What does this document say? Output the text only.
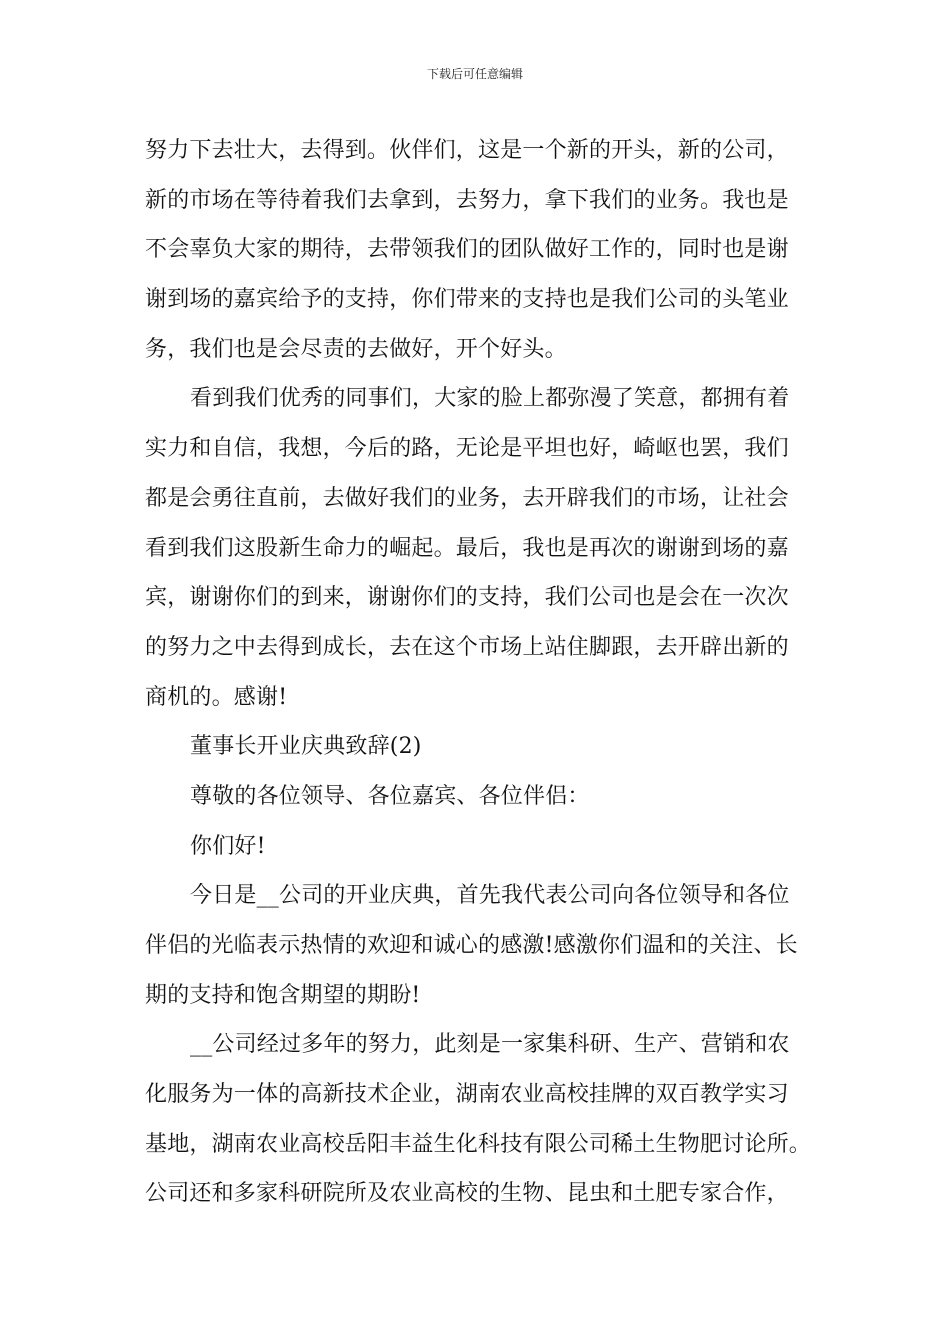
下载后可任意编辑
努力下去壮大，去得到。伙伴们，这是一个新的开头，新的公司，
新的市场在等待着我们去拿到，去努力，拿下我们的业务。我也是
不会辜负大家的期待，去带领我们的团队做好工作的，同时也是谢
谢到场的嘉宾给予的支持，你们带来的支持也是我们公司的头笔业
务，我们也是会尽责的去做好，开个好头。
看到我们优秀的同事们，大家的脸上都弥漫了笑意，都拥有着
实力和自信，我想，今后的路，无论是平坦也好，崎岖也罢，我们
都是会勇往直前，去做好我们的业务，去开辟我们的市场，让社会
看到我们这股新生命力的崛起。最后，我也是再次的谢谢到场的嘉
宾，谢谢你们的到来，谢谢你们的支持，我们公司也是会在一次次
的努力之中去得到成长，去在这个市场上站住脚跟，去开辟出新的
商机的。感谢!
董事长开业庆典致辞(2)
尊敬的各位领导、各位嘉宾、各位伴侣：
你们好!
今日是__公司的开业庆典，首先我代表公司向各位领导和各位
伴侣的光临表示热情的欢迎和诚心的感激!感激你们温和的关注、长
期的支持和饱含期望的期盼!
__公司经过多年的努力，此刻是一家集科研、生产、营销和农
化服务为一体的高新技术企业，湖南农业高校挂牌的双百教学实习
基地，湖南农业高校岳阳丰益生化科技有限公司稀土生物肥讨论所。
公司还和多家科研院所及农业高校的生物、昆虫和土肥专家合作，
